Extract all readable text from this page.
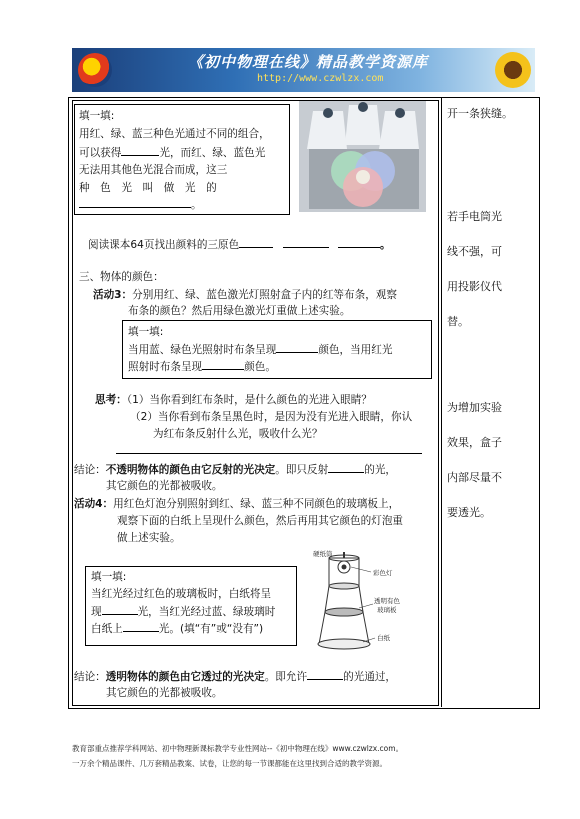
《初中物理在线》精品教学资源库
http://www.czwlzx.com
填一填:
用红、绿、蓝三种色光通过不同的组合，
可以获得	光，而红、绿、蓝色光
无法用其他色光混合而成，这三
种　色　光　叫　做　光　的
。
阅读课本64页找出颜料的三原色	。
三、物体的颜色：
活动3：分别用红、绿、蓝色激光灯照射盒子内的红等布条，观察
布条的颜色？然后用绿色激光灯重做上述实验。
填一填:
当用蓝、绿色光照射时布条呈现	颜色，当用红光
照射时布条呈现	颜色。
思考：（1）当你看到红布条时，是什么颜色的光进入眼睛？
（2）当你看到布条呈黑色时，是因为没有光进入眼睛，你认
为红布条反射什么光，吸收什么光？
结论：不透明物体的颜色由它反射的光决定。即只反射	的光，
其它颜色的光都被吸收。
活动4：用红色灯泡分别照射到红、绿、蓝三种不同颜色的玻璃板上，
观察下面的白纸上呈现什么颜色，然后再用其它颜色的灯泡重
做上述实验。
填一填:
当红光经过红色的玻璃板时，白纸将呈
现	光，当红光经过蓝、绿玻璃时
白纸上	光。(填“有”或“没有”)
硬纸筒
彩色灯
透明有色
玻璃板
白纸
结论：透明物体的颜色由它透过的光决定。即允许	的光通过，
其它颜色的光都被吸收。
开一条狭缝。
若手电筒光
线不强，可
用投影仪代
替。
为增加实验
效果，盒子
内部尽量不
要透光。
教育部重点推荐学科网站、初中物理新课标教学专业性网站--《初中物理在线》www.czwlzx.com。
一万余个精品课件、几万套精品教案、试卷，让您的每一节课都能在这里找到合适的教学资源。
